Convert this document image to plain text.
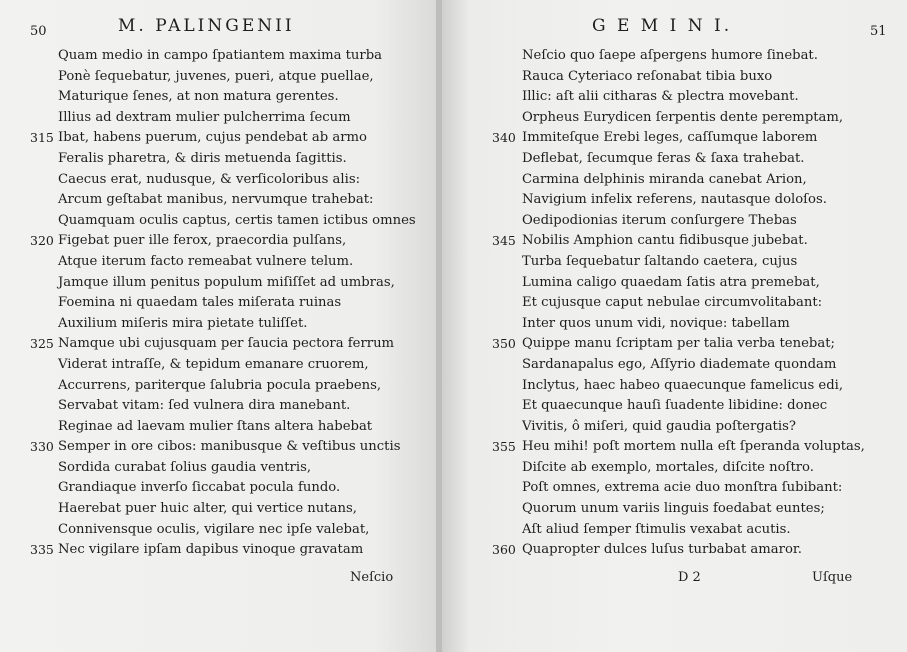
50	M. PALINGENII
Quam medio in campo ſpatiantem maxima turba
Ponè ſequebatur, juvenes, pueri, atque puellae,
Maturique ſenes, at non matura gerentes.
Illius ad dextram mulier pulcherrima ſecum
315 Ibat, habens puerum, cujus pendebat ab armo
Feralis pharetra, & diris metuenda ſagittis.
Caecus erat, nudusque, & verſicoloribus alis:
Arcum geſtabat manibus, nervumque trahebat:
Quamquam oculis captus, certis tamen ictibus omnes
320 Figebat puer ille ferox, praecordia pulſans,
Atque iterum facto remeabat vulnere telum.
Jamque illum penitus populum miſiſſet ad umbras,
Foemina ni quaedam tales miſerata ruinas
Auxilium miſeris mira pietate tuliſſet.
325 Namque ubi cujusquam per ſaucia pectora ferrum
Viderat intraſſe, & tepidum emanare cruorem,
Accurrens, pariterque ſalubria pocula praebens,
Servabat vitam: ſed vulnera dira manebant.
Reginae ad laevam mulier ſtans altera habebat
330 Semper in ore cibos: manibusque & veſtibus unctis
Sordida curabat ſolius gaudia ventris,
Grandiaque inverſo ſiccabat pocula fundo.
Haerebat puer huic alter, qui vertice nutans,
Connivensque oculis, vigilare nec ipſe valebat,
335 Nec vigilare ipſam dapibus vinoque gravatam
Neſcio
G E M I N I.	51
Neſcio quo ſaepe aſpergens humore ſinebat.
Rauca Cyteriaco reſonabat tibia buxo
Illic: aſt alii citharas & plectra movebant.
Orpheus Eurydicen ſerpentis dente peremptam,
340 Immiteſque Erebi leges, caſſumque laborem
Deflebat, ſecumque feras & ſaxa trahebat.
Carmina delphinis miranda canebat Arion,
Navigium infelix referens, nautasque doloſos.
Oedipodionias iterum conſurgere Thebas
345 Nobilis Amphion cantu fidibusque jubebat.
Turba ſequebatur ſaltando caetera, cujus
Lumina caligo quaedam ſatis atra premebat,
Et cujusque caput nebulae circumvolitabant:
Inter quos unum vidi, novique: tabellam
350 Quippe manu ſcriptam per talia verba tenebat;
Sardanapalus ego, Aſſyrio diademate quondam
Inclytus, haec habeo quaecunque famelicus edi,
Et quaecunque hauſi ſuadente libidine: donec
Vivitis, ô miſeri, quid gaudia poſtergatis?
355 Heu mihi! poſt mortem nulla eſt ſperanda voluptas,
Diſcite ab exemplo, mortales, diſcite noſtro.
Poſt omnes, extrema acie duo monſtra ſubibant:
Quorum unum variis linguis foedabat euntes;
Aſt aliud ſemper ſtimulis vexabat acutis.
360 Quapropter dulces luſus turbabat amaror.
D 2	Uſque
